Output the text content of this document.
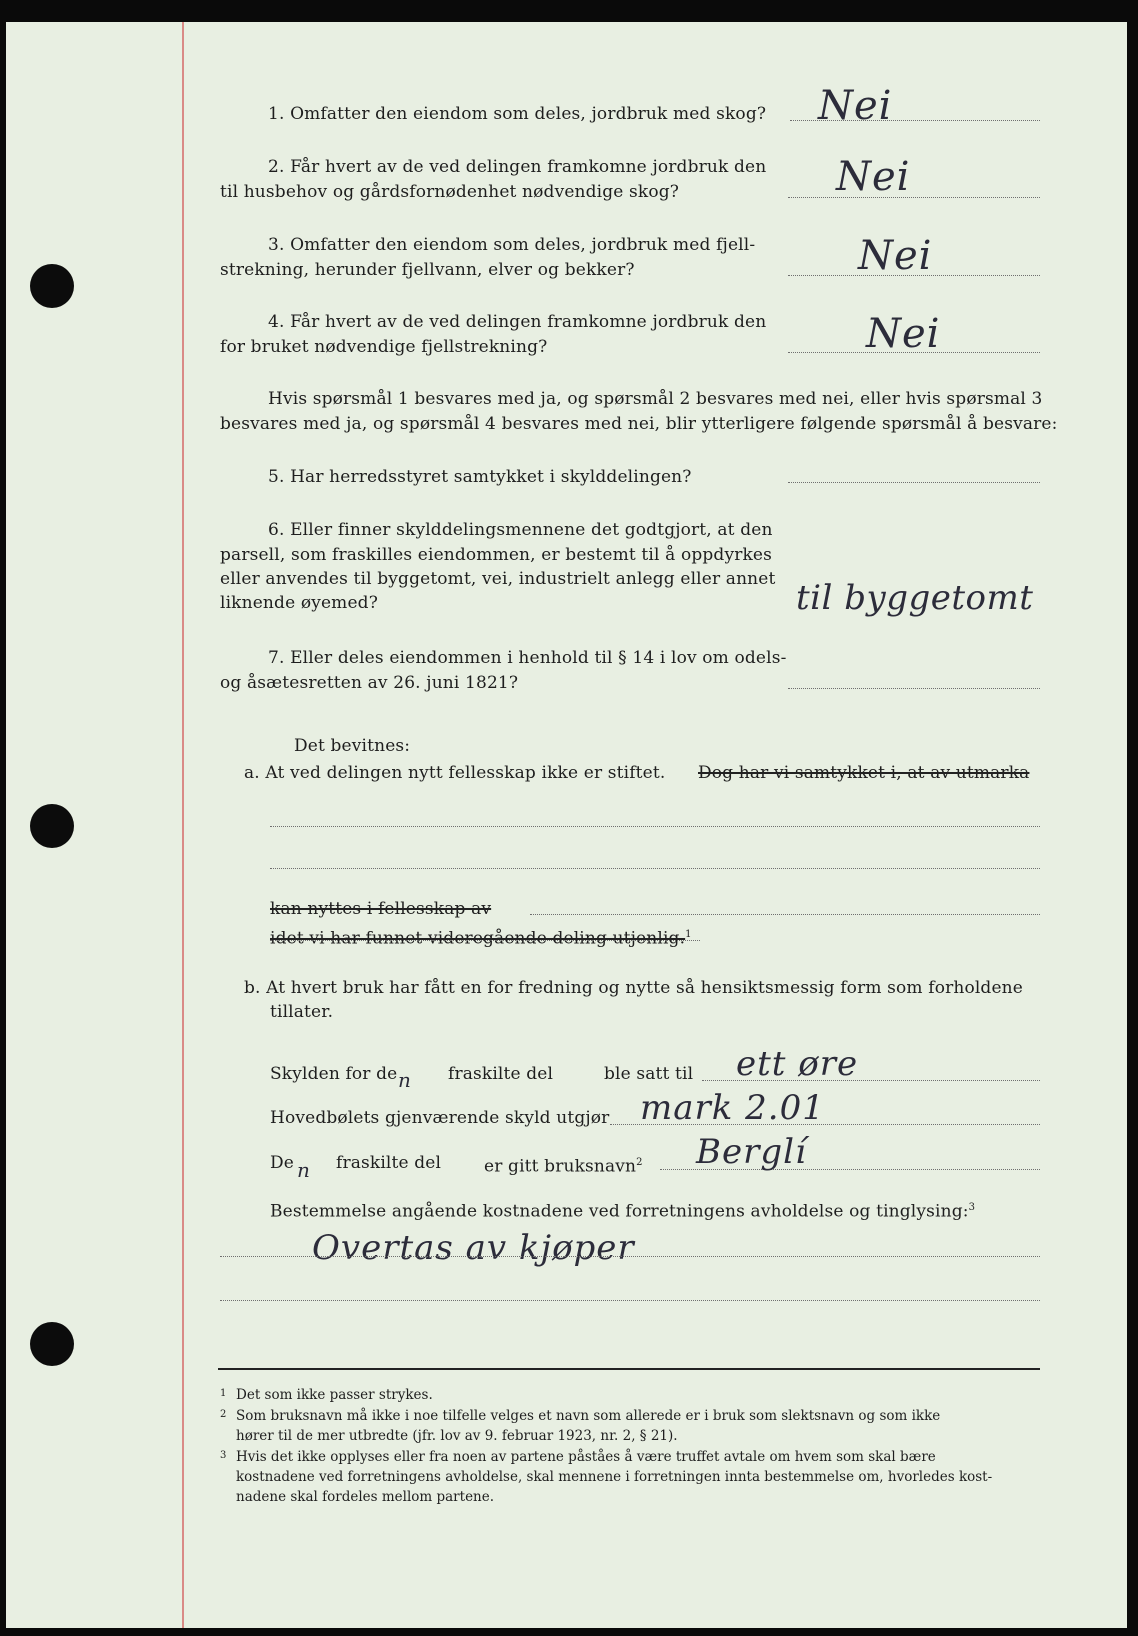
1. Omfatter den eiendom som deles, jordbruk med skog? Nei
2. Får hvert av de ved delingen framkomne jordbruk den
til husbehov og gårdsfornødenhet nødvendige skog?	Nei
3. Omfatter den eiendom som deles, jordbruk med fjell-
strekning, herunder fjellvann, elver og bekker?	Nei
4. Får hvert av de ved delingen framkomne jordbruk den
for bruket nødvendige fjellstrekning?	Nei
Hvis spørsmål 1 besvares med ja, og spørsmål 2 besvares med nei, eller hvis spørsmal 3
besvares med ja, og spørsmål 4 besvares med nei, blir ytterligere følgende spørsmål å besvare:
5. Har herredsstyret samtykket i skylddelingen?
6. Eller finner skylddelingsmennene det godtgjort, at den
parsell, som fraskilles eiendommen, er bestemt til å oppdyrkes
eller anvendes til byggetomt, vei, industrielt anlegg eller annet
liknende øyemed?	til byggetomt
7. Eller deles eiendommen i henhold til § 14 i lov om odels-
og åsætesretten av 26. juni 1821?
Det bevitnes:
a. At ved delingen nytt fellesskap ikke er stiftet. Dog har vi samtykket i, at av utmarka
kan nyttes i fellesskap av
idet vi har funnet videregående deling utjenlig.$^1$
b. At hvert bruk har fått en for fredning og nytte så hensiktsmessig form som forholdene
tillater.
Skylden for de n fraskilte del	ble satt til ett øre
Hovedbølets gjenværende skyld utgjør mark 2.01
De n fraskilte del	er gitt bruksnavn$^2$ Berglí
Bestemmelse angående kostnadene ved forretningens avholdelse og tinglysing:$^3$
Overtas av kjøper
1 Det som ikke passer strykes.
2 Som bruksnavn må ikke i noe tilfelle velges et navn som allerede er i bruk som slektsnavn og som ikke
hører til de mer utbredte (jfr. lov av 9. februar 1923, nr. 2, § 21).
3 Hvis det ikke opplyses eller fra noen av partene påståes å være truffet avtale om hvem som skal bære
kostnadene ved forretningens avholdelse, skal mennene i forretningen innta bestemmelse om, hvorledes kost-
nadene skal fordeles mellom partene.
